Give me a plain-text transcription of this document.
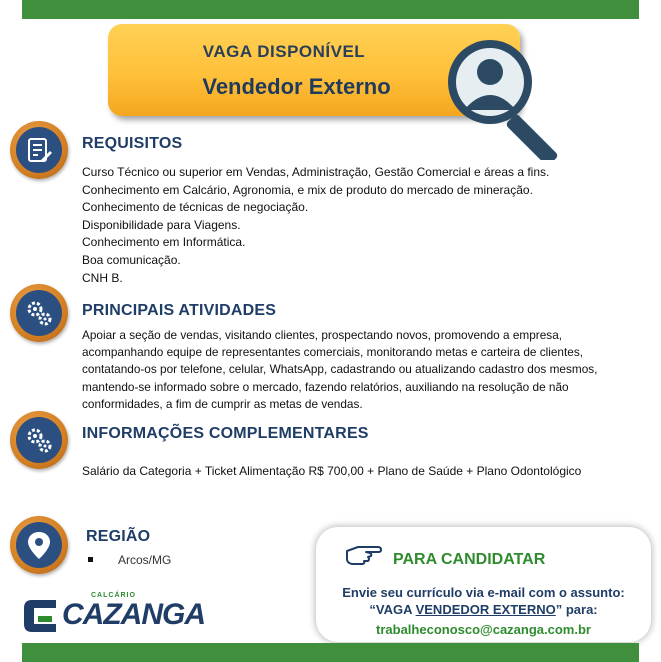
VAGA DISPONÍVEL
Vendedor Externo
REQUISITOS
Curso Técnico ou superior em Vendas, Administração, Gestão Comercial e áreas a fins.
Conhecimento em Calcário, Agronomia, e mix de produto do mercado de mineração.
Conhecimento de técnicas de negociação.
Disponibilidade para Viagens.
Conhecimento em Informática.
Boa comunicação.
CNH B.
PRINCIPAIS ATIVIDADES
Apoiar a seção de vendas, visitando clientes, prospectando novos, promovendo a empresa,
acompanhando equipe de representantes comerciais, monitorando metas e carteira de clientes,
contatando-os por telefone, celular, WhatsApp, cadastrando ou atualizando cadastro dos mesmos,
mantendo-se informado sobre o mercado, fazendo relatórios, auxiliando na resolução de não
conformidades, a fim de cumprir as metas de vendas.
INFORMAÇÕES COMPLEMENTARES
Salário da Categoria + Ticket Alimentação R$ 700,00 + Plano de Saúde + Plano Odontológico
REGIÃO
Arcos/MG	PARA CANDIDATAR
Envie seu currículo via e-mail com o assunto:
“VAGA VENDEDOR EXTERNO” para:
trabalheconosco@cazanga.com.br
CALCÁRIO
CAZANGA
